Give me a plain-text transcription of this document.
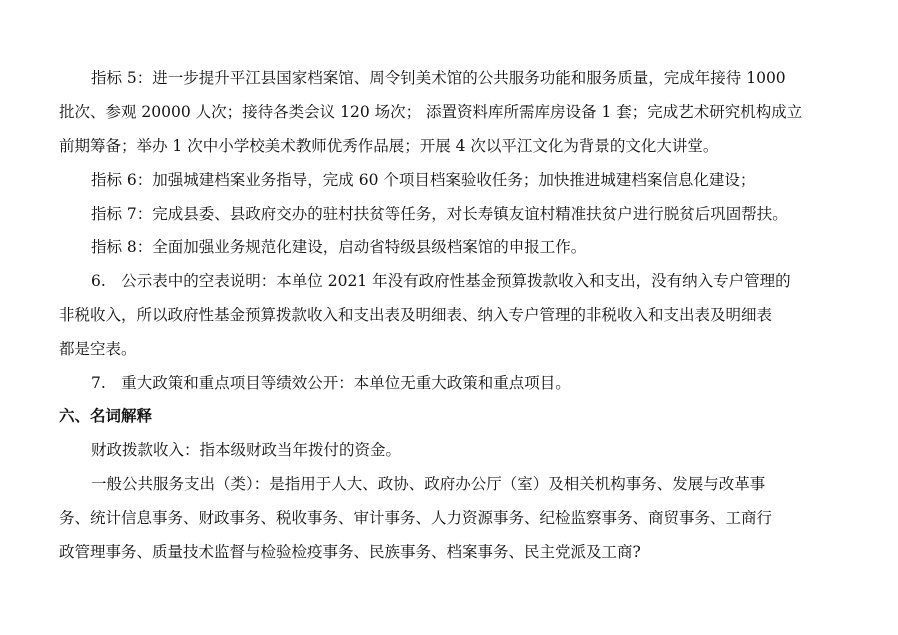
指标 5：进一步提升平江县国家档案馆、周令钊美术馆的公共服务功能和服务质量，完成年接待 1000
批次、参观 20000 人次；接待各类会议 120 场次； 添置资料库所需库房设备 1 套；完成艺术研究机构成立
前期筹备；举办 1 次中小学校美术教师优秀作品展；开展 4 次以平江文化为背景的文化大讲堂。
指标 6：加强城建档案业务指导，完成 60 个项目档案验收任务；加快推进城建档案信息化建设；
指标 7：完成县委、县政府交办的驻村扶贫等任务，对长寿镇友谊村精准扶贫户进行脱贫后巩固帮扶。
指标 8：全面加强业务规范化建设，启动省特级县级档案馆的申报工作。
6.　公示表中的空表说明：本单位 2021 年没有政府性基金预算拨款收入和支出，没有纳入专户管理的
非税收入，所以政府性基金预算拨款收入和支出表及明细表、纳入专户管理的非税收入和支出表及明细表
都是空表。
7.　重大政策和重点项目等绩效公开：本单位无重大政策和重点项目。
六、名词解释
财政拨款收入：指本级财政当年拨付的资金。
一般公共服务支出（类）：是指用于人大、政协、政府办公厅（室）及相关机构事务、发展与改革事
务、统计信息事务、财政事务、税收事务、审计事务、人力资源事务、纪检监察事务、商贸事务、工商行
政管理事务、质量技术监督与检验检疫事务、民族事务、档案事务、民主党派及工商?
